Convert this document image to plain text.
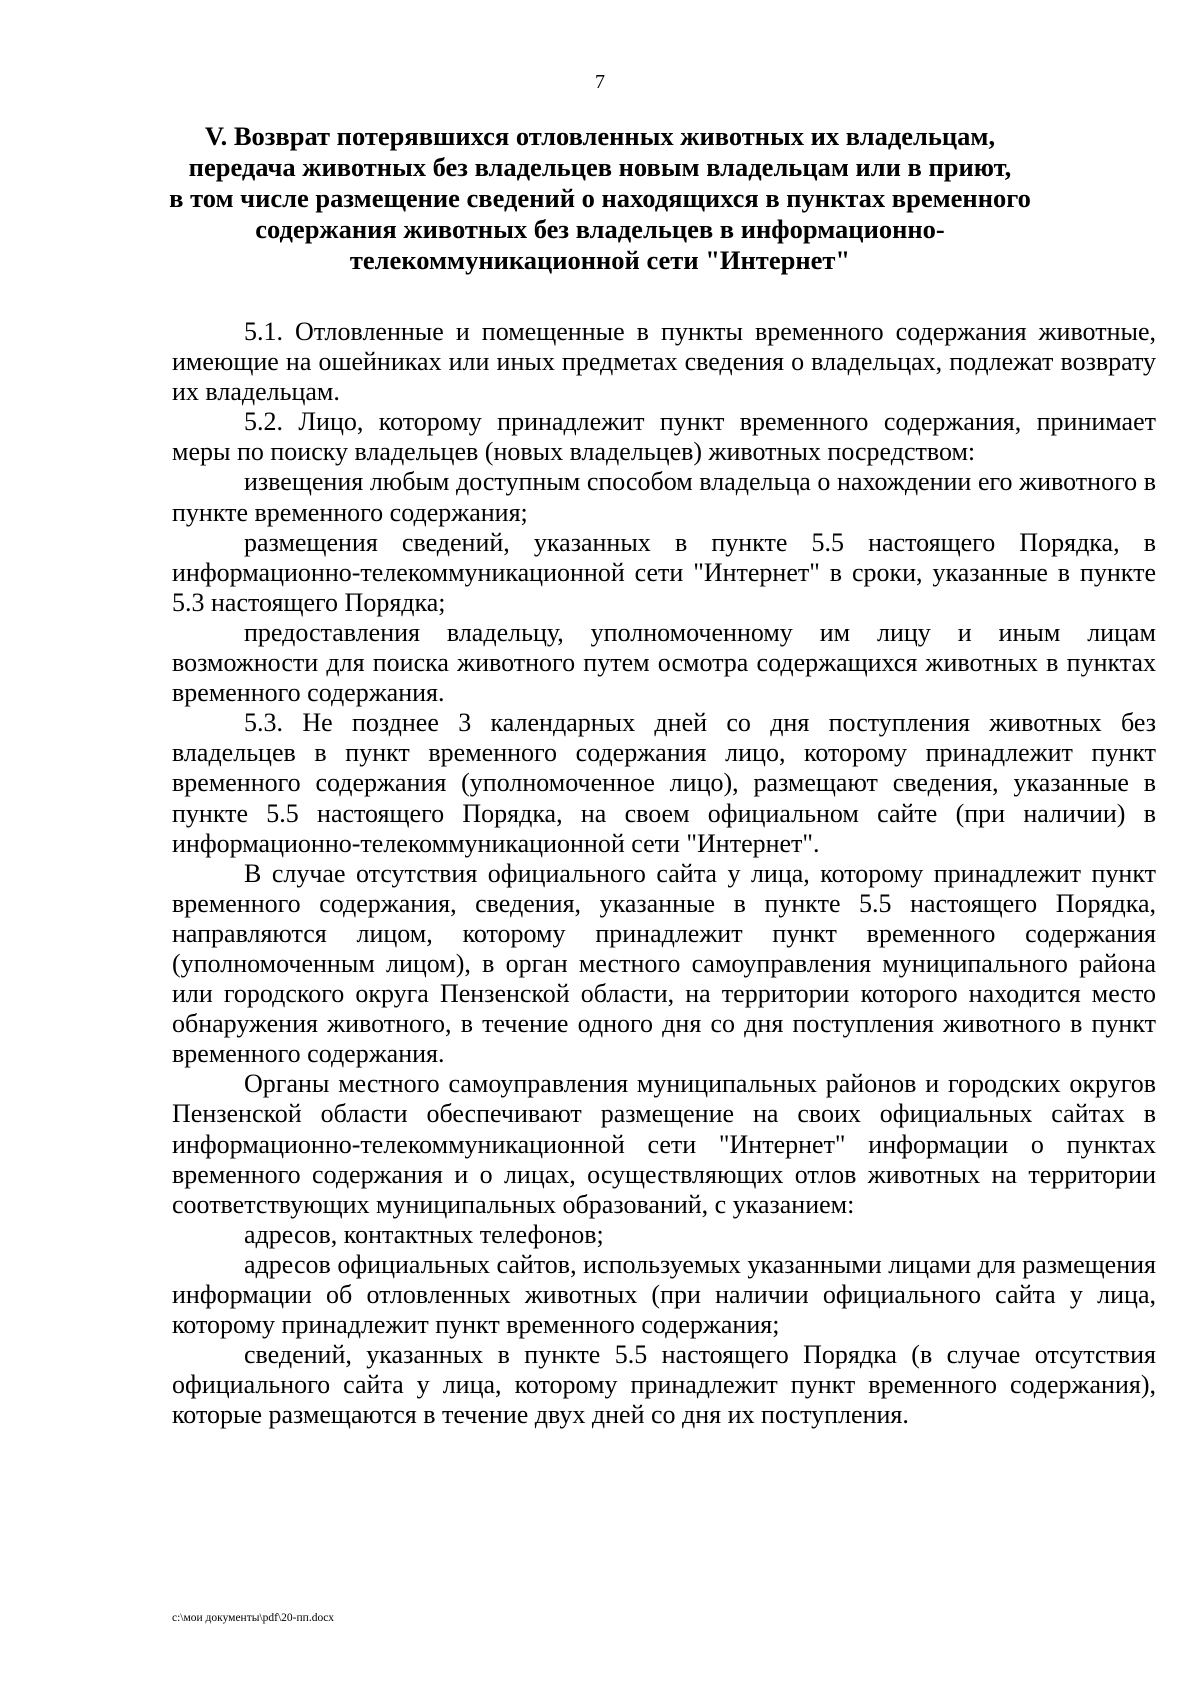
7
V. Возврат потерявшихся отловленных животных их владельцам,
передача животных без владельцев новым владельцам или в приют,
в том числе размещение сведений о находящихся в пунктах временного
содержания животных без владельцев в информационно-
телекоммуникационной сети "Интернет"

5.1. Отловленные и помещенные в пункты временного содержания животные, имеющие на ошейниках или иных предметах сведения о владельцах, подлежат возврату их владельцам.

5.2. Лицо, которому принадлежит пункт временного содержания, принимает меры по поиску владельцев (новых владельцев) животных посредством:

извещения любым доступным способом владельца о нахождении его животного в пункте временного содержания;

размещения сведений, указанных в пункте 5.5 настоящего Порядка, в информационно-телекоммуникационной сети "Интернет" в сроки, указанные в пункте 5.3 настоящего Порядка;

предоставления владельцу, уполномоченному им лицу и иным лицам возможности для поиска животного путем осмотра содержащихся животных в пунктах временного содержания.

5.3. Не позднее 3 календарных дней со дня поступления животных без владельцев в пункт временного содержания лицо, которому принадлежит пункт временного содержания (уполномоченное лицо), размещают сведения, указанные в пункте 5.5 настоящего Порядка, на своем официальном сайте (при наличии) в информационно-телекоммуникационной сети "Интернет".

В случае отсутствия официального сайта у лица, которому принадлежит пункт временного содержания, сведения, указанные в пункте 5.5 настоящего Порядка, направляются лицом, которому принадлежит пункт временного содержания (уполномоченным лицом), в орган местного самоуправления муниципального района или городского округа Пензенской области, на территории которого находится место обнаружения животного, в течение одного дня со дня поступления животного в пункт временного содержания.

Органы местного самоуправления муниципальных районов и городских округов Пензенской области обеспечивают размещение на своих официальных сайтах в информационно-телекоммуникационной сети "Интернет" информации о пунктах временного содержания и о лицах, осуществляющих отлов животных на территории соответствующих муниципальных образований, с указанием:

адресов, контактных телефонов;

адресов официальных сайтов, используемых указанными лицами для размещения информации об отловленных животных (при наличии официального сайта у лица, которому принадлежит пункт временного содержания;

сведений, указанных в пункте 5.5 настоящего Порядка (в случае отсутствия официального сайта у лица, которому принадлежит пункт временного содержания), которые размещаются в течение двух дней со дня их поступления.

c:\мои документы\pdf\20-пп.docx
